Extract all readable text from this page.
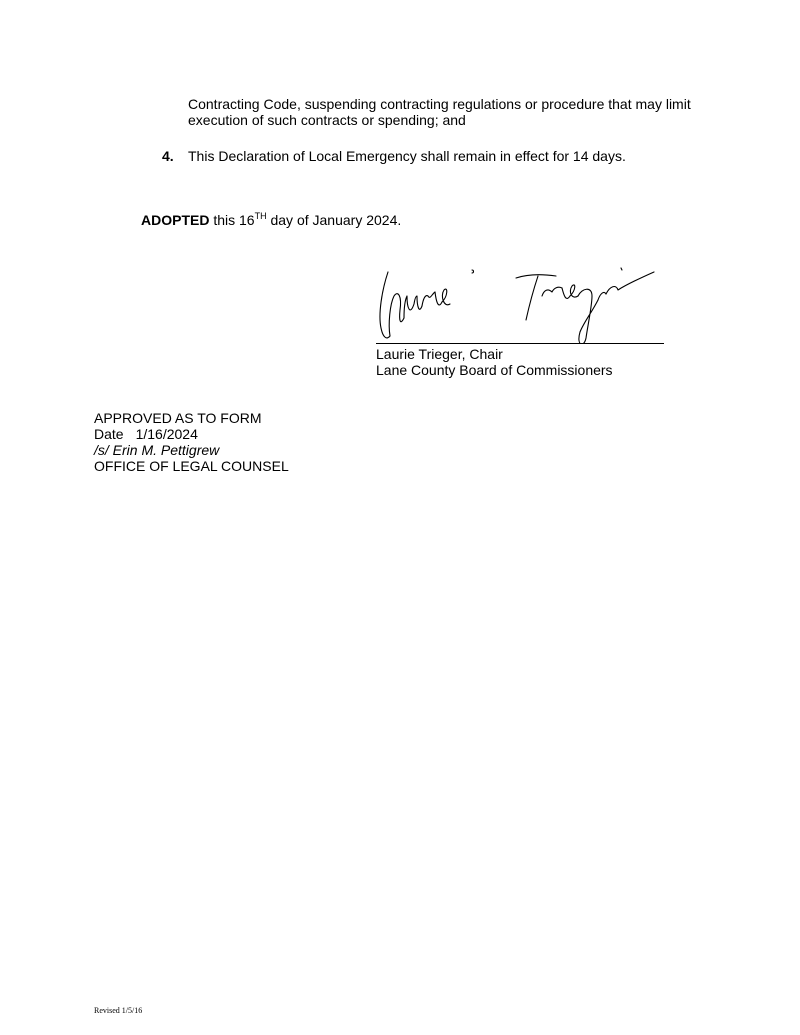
Contracting Code, suspending contracting regulations or procedure that may limit
execution of such contracts or spending; and
4. This Declaration of Local Emergency shall remain in effect for 14 days.
ADOPTED this 16TH day of January 2024.
Laurie Trieger, Chair
Lane County Board of Commissioners
APPROVED AS TO FORM
Date 1/16/2024
/s/ Erin M. Pettigrew
OFFICE OF LEGAL COUNSEL
Revised 1/5/16
